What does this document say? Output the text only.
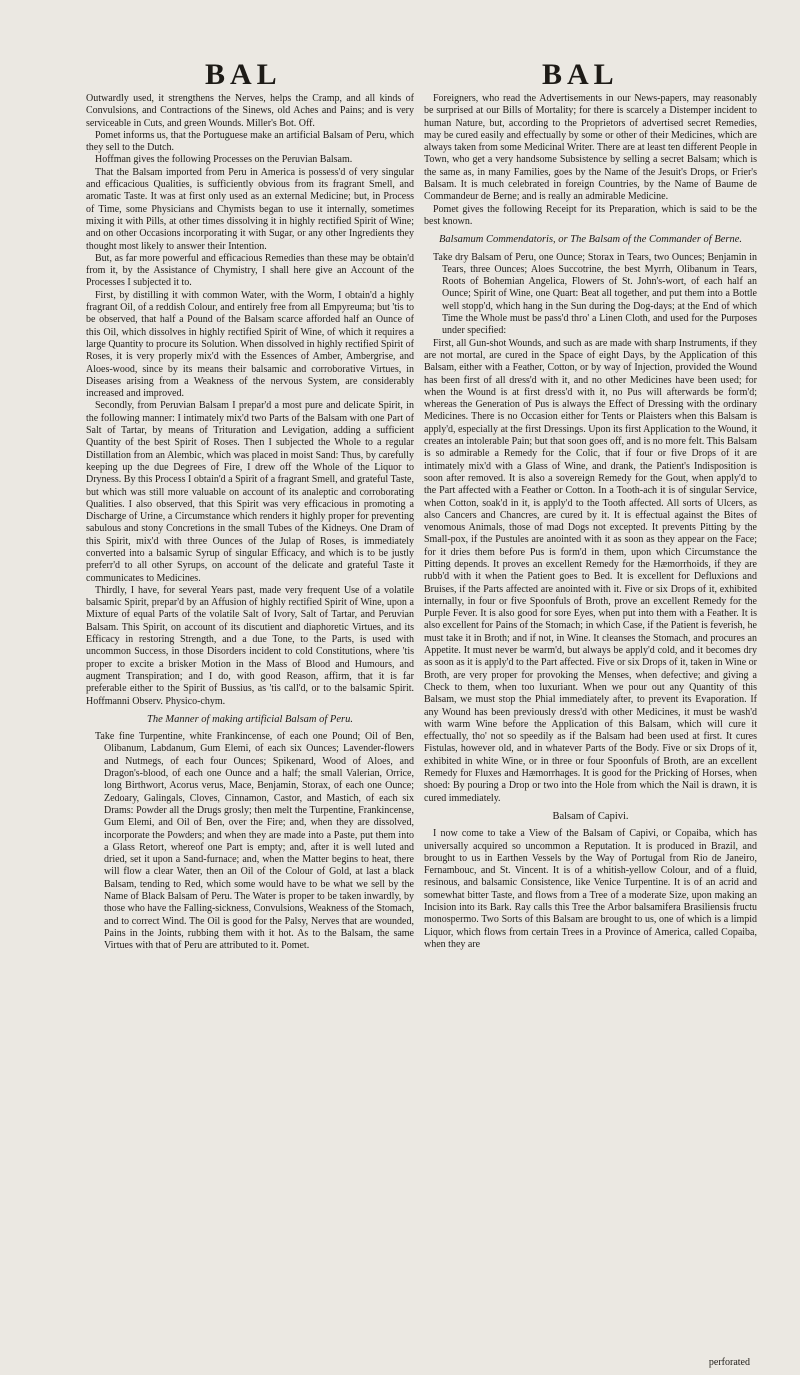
BAL	BAL

Outwardly used, it strengthens the Nerves, helps the Cramp, and all kinds of Convulsions, and Contractions of the Sinews, old Aches and Pains; and is very serviceable in Cuts, and green Wounds. Miller's Bot. Off.

Pomet informs us, that the Portuguese make an artificial Balsam of Peru, which they sell to the Dutch.

Hoffman gives the following Processes on the Peruvian Balsam.

That the Balsam imported from Peru in America is possess'd of very singular and efficacious Qualities, is sufficiently obvious from its fragrant Smell, and aromatic Taste. It was at first only used as an external Medicine; but, in Process of Time, some Physicians and Chymists began to use it internally, sometimes mixing it with Pills, at other times dissolving it in highly rectified Spirit of Wine; and on other Occasions incorporating it with Sugar, or any other Ingredients they thought most likely to answer their Intention.

But, as far more powerful and efficacious Remedies than these may be obtain'd from it, by the Assistance of Chymistry, I shall here give an Account of the Processes I subjected it to.

First, by distilling it with common Water, with the Worm, I obtain'd a highly fragrant Oil, of a reddish Colour, and entirely free from all Empyreuma; but 'tis to be observed, that half a Pound of the Balsam scarce afforded half an Ounce of this Oil, which dissolves in highly rectified Spirit of Wine, of which it requires a large Quantity to procure its Solution. When dissolved in highly rectified Spirit of Roses, it is very properly mix'd with the Essences of Amber, Ambergrise, and Aloes-wood, since by its means their balsamic and corroborative Virtues, in Diseases arising from a Weakness of the nervous System, are considerably increased and improved.

Secondly, from Peruvian Balsam I prepar'd a most pure and delicate Spirit, in the following manner: I intimately mix'd two Parts of the Balsam with one Part of Salt of Tartar, by means of Trituration and Levigation, adding a sufficient Quantity of the best Spirit of Roses. Then I subjected the Whole to a regular Distillation from an Alembic, which was placed in moist Sand: Thus, by carefully keeping up the due Degrees of Fire, I drew off the Whole of the Liquor to Dryness. By this Process I obtain'd a Spirit of a fragrant Smell, and grateful Taste, but which was still more valuable on account of its analeptic and corroborating Qualities. I also observed, that this Spirit was very efficacious in promoting a Discharge of Urine, a Circumstance which renders it highly proper for preventing sabulous and stony Concretions in the small Tubes of the Kidneys. One Dram of this Spirit, mix'd with three Ounces of the Julap of Roses, is immediately converted into a balsamic Syrup of singular Efficacy, and which is to be justly preferr'd to all other Syrups, on account of the delicate and grateful Taste it communicates to Medicines.

Thirdly, I have, for several Years past, made very frequent Use of a volatile balsamic Spirit, prepar'd by an Affusion of highly rectified Spirit of Wine, upon a Mixture of equal Parts of the volatile Salt of Ivory, Salt of Tartar, and Peruvian Balsam. This Spirit, on account of its discutient and diaphoretic Virtues, and its Efficacy in restoring Strength, and a due Tone, to the Parts, is used with uncommon Success, in those Disorders incident to cold Constitutions, where 'tis proper to excite a brisker Motion in the Mass of Blood and Humours, and augment Transpiration; and I do, with good Reason, affirm, that it is far preferable either to the Spirit of Bussius, as 'tis call'd, or to the balsamic Spirit. Hoffmanni Observ. Physico-chym.

The Manner of making artificial Balsam of Peru.

Take fine Turpentine, white Frankincense, of each one Pound; Oil of Ben, Olibanum, Labdanum, Gum Elemi, of each six Ounces; Lavender-flowers and Nutmegs, of each four Ounces; Spikenard, Wood of Aloes, and Dragon's-blood, of each one Ounce and a half; the small Valerian, Orrice, long Birthwort, Acorus verus, Mace, Benjamin, Storax, of each one Ounce; Zedoary, Galingals, Cloves, Cinnamon, Castor, and Mastich, of each six Drams: Powder all the Drugs grosly; then melt the Turpentine, Frankincense, Gum Elemi, and Oil of Ben, over the Fire; and, when they are dissolved, incorporate the Powders; and when they are made into a Paste, put them into a Glass Retort, whereof one Part is empty; and, after it is well luted and dried, set it upon a Sand-furnace; and, when the Matter begins to heat, there will flow a clear Water, then an Oil of the Colour of Gold, at last a black Balsam, tending to Red, which some would have to be what we sell by the Name of Black Balsam of Peru. The Water is proper to be taken inwardly, by those who have the Falling-sickness, Convulsions, Weakness of the Stomach, and to correct Wind. The Oil is good for the Palsy, Nerves that are wounded, Pains in the Joints, rubbing them with it hot. As to the Balsam, the same Virtues with that of Peru are attributed to it. Pomet.

Foreigners, who read the Advertisements in our News-papers, may reasonably be surprised at our Bills of Mortality; for there is scarcely a Distemper incident to human Nature, but, according to the Proprietors of advertised secret Remedies, may be cured easily and effectually by some or other of their Medicines, which are always taken from some Medicinal Writer. There are at least ten different People in Town, who get a very handsome Subsistence by selling a secret Balsam; which is the same as, in many Families, goes by the Name of the Jesuit's Drops, or Frier's Balsam. It is much celebrated in foreign Countries, by the Name of Baume de Commandeur de Berne; and is really an admirable Medicine.

Pomet gives the following Receipt for its Preparation, which is said to be the best known.

Balsamum Commendatoris, or The Balsam of the Commander of Berne.

Take dry Balsam of Peru, one Ounce; Storax in Tears, two Ounces; Benjamin in Tears, three Ounces; Aloes Succotrine, the best Myrrh, Olibanum in Tears, Roots of Bohemian Angelica, Flowers of St. John's-wort, of each half an Ounce; Spirit of Wine, one Quart: Beat all together, and put them into a Bottle well stopp'd, which hang in the Sun during the Dog-days; at the End of which Time the Whole must be pass'd thro' a Linen Cloth, and used for the Purposes under specified:

First, all Gun-shot Wounds, and such as are made with sharp Instruments, if they are not mortal, are cured in the Space of eight Days, by the Application of this Balsam, either with a Feather, Cotton, or by way of Injection, provided the Wound has been first of all dress'd with it, and no other Medicines have been used; for when the Wound is at first dress'd with it, no Pus will afterwards be form'd; whereas the Generation of Pus is always the Effect of Dressing with the ordinary Medicines. There is no Occasion either for Tents or Plaisters when this Balsam is apply'd, especially at the first Dressings. Upon its first Application to the Wound, it creates an intolerable Pain; but that soon goes off, and is no more felt. This Balsam is so admirable a Remedy for the Colic, that if four or five Drops of it are intimately mix'd with a Glass of Wine, and drank, the Patient's Indisposition is soon after removed. It is also a sovereign Remedy for the Gout, when apply'd to the Part affected with a Feather or Cotton. In a Tooth-ach it is of singular Service, when Cotton, soak'd in it, is apply'd to the Tooth affected. All sorts of Ulcers, as also Cancers and Chancres, are cured by it. It is effectual against the Bites of venomous Animals, those of mad Dogs not excepted. It prevents Pitting by the Small-pox, if the Pustules are anointed with it as soon as they appear on the Face; for it dries them before Pus is form'd in them, upon which Circumstance the Pitting depends. It proves an excellent Remedy for the Hæmorrhoids, if they are rubb'd with it when the Patient goes to Bed. It is excellent for Defluxions and Bruises, if the Parts affected are anointed with it. Five or six Drops of it, exhibited internally, in four or five Spoonfuls of Broth, prove an excellent Remedy for the Purple Fever. It is also good for sore Eyes, when put into them with a Feather. It is also excellent for Pains of the Stomach; in which Case, if the Patient is feverish, he must take it in Broth; and if not, in Wine. It cleanses the Stomach, and procures an Appetite. It must never be warm'd, but always be apply'd cold, and it becomes dry as soon as it is apply'd to the Part affected. Five or six Drops of it, taken in Wine or Broth, are very proper for provoking the Menses, when defective; and giving a Check to them, when too luxuriant. When we pour out any Quantity of this Balsam, we must stop the Phial immediately after, to prevent its Evaporation. If any Wound has been previously dress'd with other Medicines, it must be wash'd with warm Wine before the Application of this Balsam, which will cure it effectually, tho' not so speedily as if the Balsam had been used at first. It cures Fistulas, however old, and in whatever Parts of the Body. Five or six Drops of it, exhibited in white Wine, or in three or four Spoonfuls of Broth, are an excellent Remedy for Fluxes and Hæmorrhages. It is good for the Pricking of Horses, when shoed: By pouring a Drop or two into the Hole from which the Nail is drawn, it is cured immediately.

Balsam of Capivi.

I now come to take a View of the Balsam of Capivi, or Copaiba, which has universally acquired so uncommon a Reputation. It is produced in Brazil, and brought to us in Earthen Vessels by the Way of Portugal from Rio de Janeiro, Fernambouc, and St. Vincent. It is of a whitish-yellow Colour, and of a fluid, resinous, and balsamic Consistence, like Venice Turpentine. It is of an acrid and somewhat bitter Taste, and flows from a Tree of a moderate Size, upon making an Incision into its Bark. Ray calls this Tree the Arbor balsamifera Brasiliensis fructu monospermo. Two Sorts of this Balsam are brought to us, one of which is a limpid Liquor, which flows from certain Trees in a Province of America, called Copaiba, when they are

perforated
